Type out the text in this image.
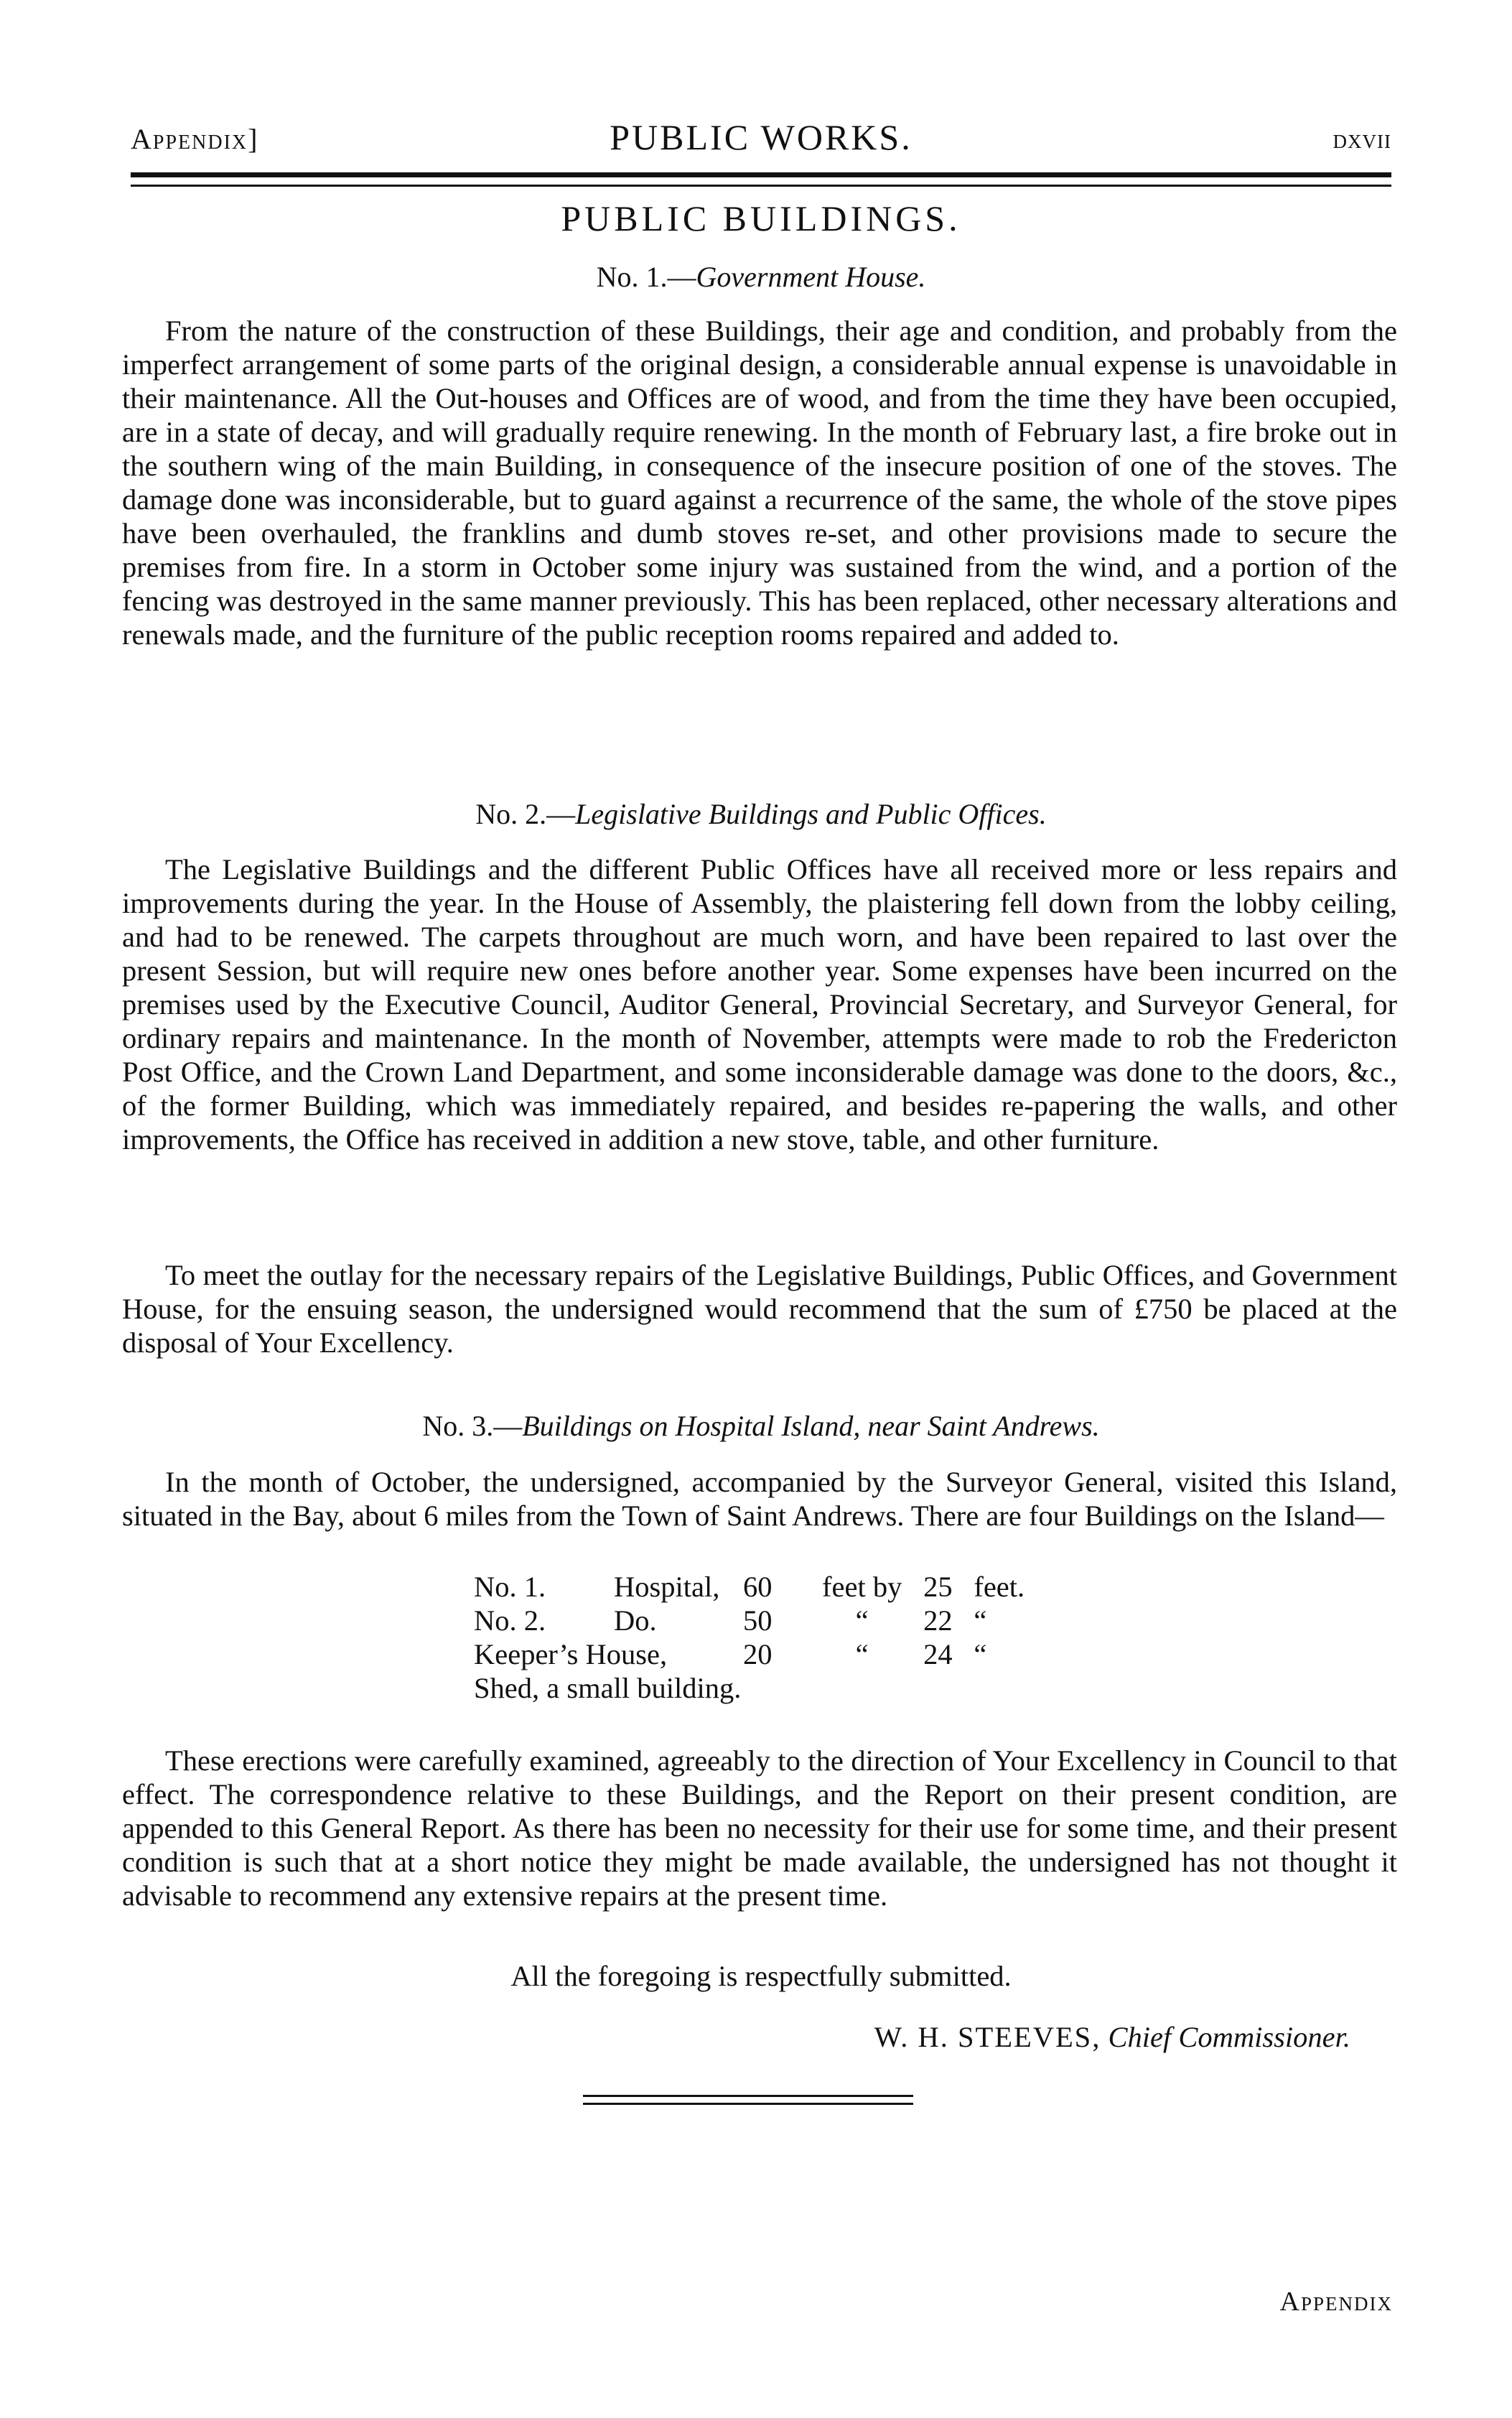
Appendix]	PUBLIC WORKS.	dxvii
PUBLIC BUILDINGS.
No. 1.—Government House.

From the nature of the construction of these Buildings, their age and condition, and probably from the imperfect arrangement of some parts of the original design, a considerable annual expense is unavoidable in their maintenance. All the Out-houses and Offices are of wood, and from the time they have been occupied, are in a state of decay, and will gradually require renewing. In the month of February last, a fire broke out in the southern wing of the main Building, in consequence of the insecure position of one of the stoves. The damage done was inconsiderable, but to guard against a recurrence of the same, the whole of the stove pipes have been overhauled, the franklins and dumb stoves re-set, and other provisions made to secure the premises from fire. In a storm in October some injury was sustained from the wind, and a portion of the fencing was destroyed in the same manner previously. This has been replaced, other necessary alterations and renewals made, and the furniture of the public reception rooms repaired and added to.

No. 2.—Legislative Buildings and Public Offices.

The Legislative Buildings and the different Public Offices have all received more or less repairs and improvements during the year. In the House of Assembly, the plaistering fell down from the lobby ceiling, and had to be renewed. The carpets throughout are much worn, and have been repaired to last over the present Session, but will require new ones before another year. Some expenses have been incurred on the premises used by the Executive Council, Auditor General, Provincial Secretary, and Surveyor General, for ordinary repairs and maintenance. In the month of November, attempts were made to rob the Fredericton Post Office, and the Crown Land Department, and some inconsiderable damage was done to the doors, &c., of the former Building, which was immediately repaired, and besides re-papering the walls, and other improvements, the Office has received in addition a new stove, table, and other furniture.

To meet the outlay for the necessary repairs of the Legislative Buildings, Public Offices, and Government House, for the ensuing season, the undersigned would recommend that the sum of £750 be placed at the disposal of Your Excellency.

No. 3.—Buildings on Hospital Island, near Saint Andrews.

In the month of October, the undersigned, accompanied by the Surveyor General, visited this Island, situated in the Bay, about 6 miles from the Town of Saint Andrews. There are four Buildings on the Island—

No. 1.	Hospital,	60	feet by	25	feet.
No. 2.	Do.	50	“	22	“
Keeper’s House,		20	“	24	“
Shed, a small building.					

These erections were carefully examined, agreeably to the direction of Your Excellency in Council to that effect. The correspondence relative to these Buildings, and the Report on their present condition, are appended to this General Report. As there has been no necessity for their use for some time, and their present condition is such that at a short notice they might be made available, the undersigned has not thought it advisable to recommend any extensive repairs at the present time.

All the foregoing is respectfully submitted.
W. H. STEEVES, Chief Commissioner.
Appendix
